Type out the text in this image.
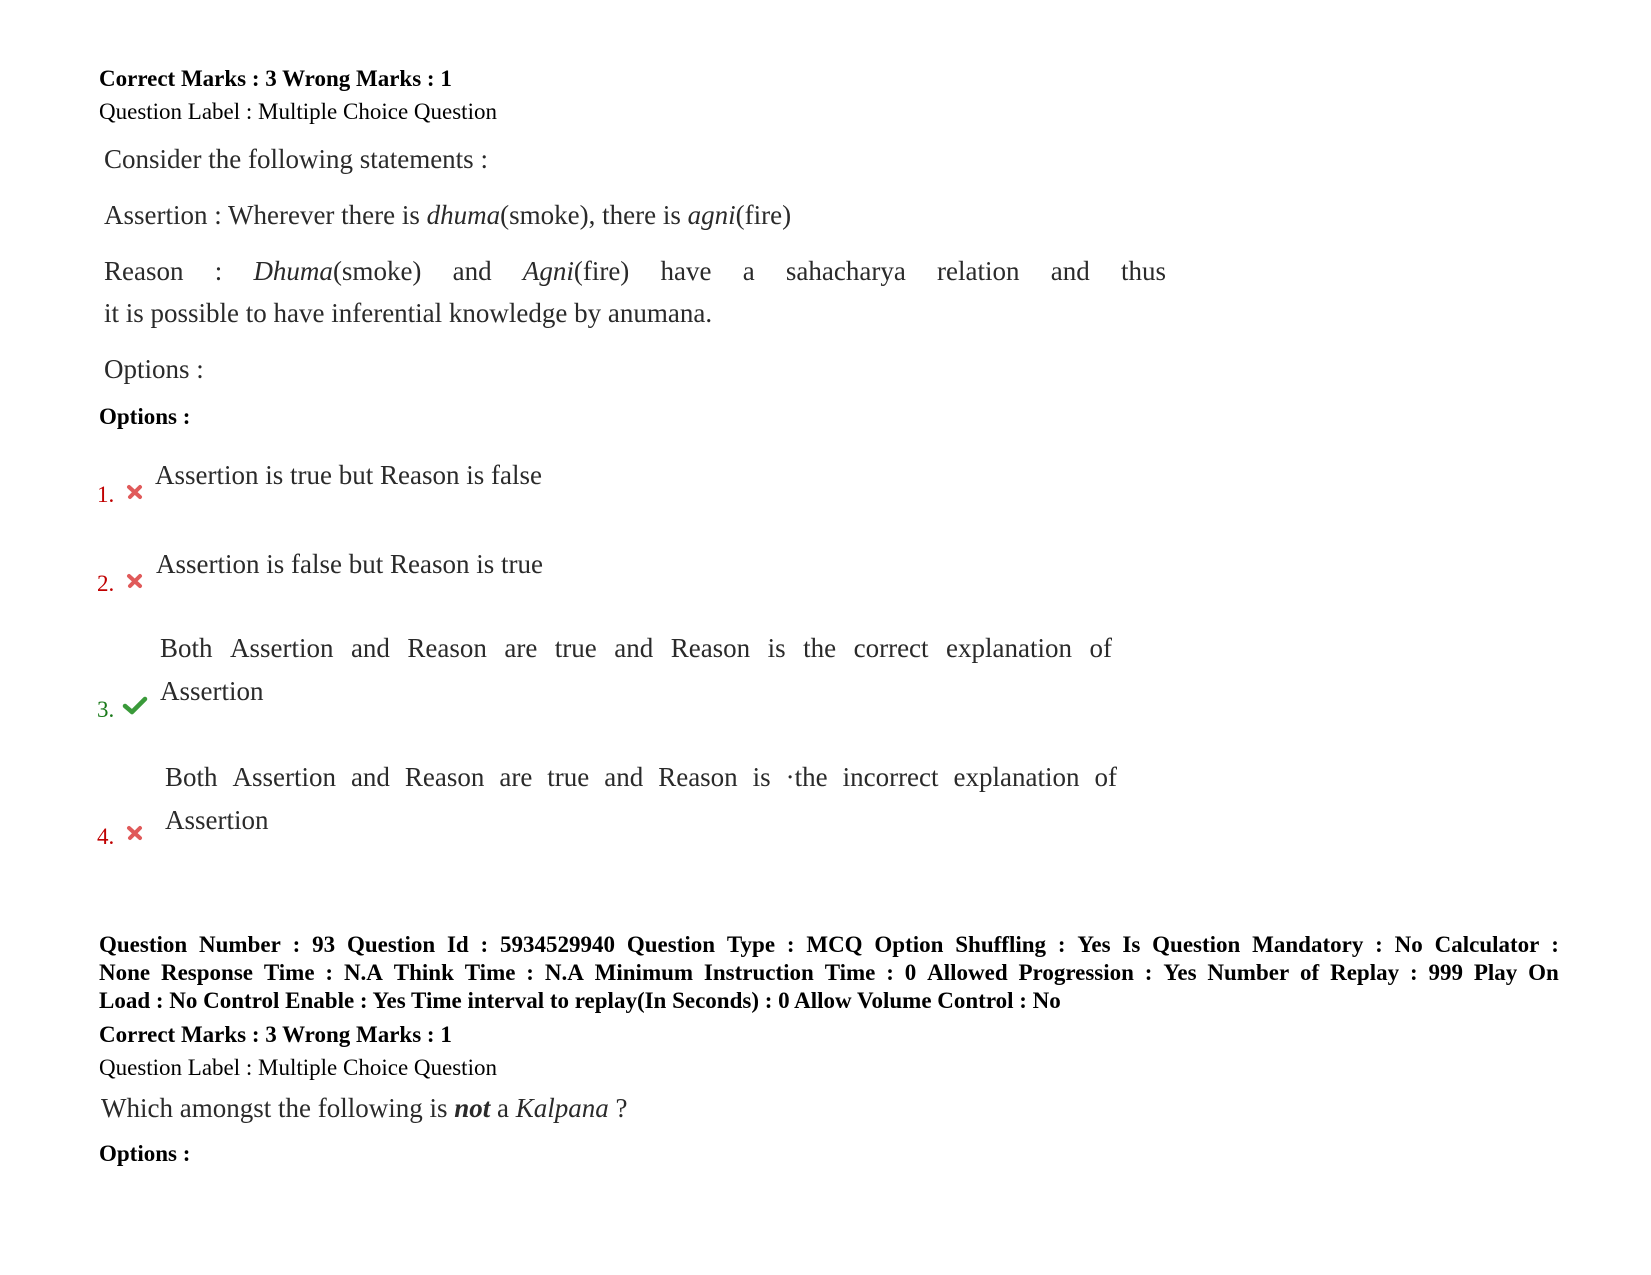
Correct Marks : 3 Wrong Marks : 1
Question Label : Multiple Choice Question
Consider the following statements :
Assertion : Wherever there is dhuma(smoke), there is agni(fire)
Reason : Dhuma(smoke) and Agni(fire) have a sahacharya relation and thus
it is possible to have inferential knowledge by anumana.
Options :
Options :
1.
Assertion is true but Reason is false
2.
Assertion is false but Reason is true
3.
Both Assertion and Reason are true and Reason is the correct explanation of
Assertion
4.
Both Assertion and Reason are true and Reason is ·the incorrect explanation of
Assertion
Question Number : 93 Question Id : 5934529940 Question Type : MCQ Option Shuffling : Yes Is Question Mandatory : No Calculator :
None Response Time : N.A Think Time : N.A Minimum Instruction Time : 0 Allowed Progression : Yes Number of Replay : 999 Play On
Load : No Control Enable : Yes Time interval to replay(In Seconds) : 0 Allow Volume Control : No
Correct Marks : 3 Wrong Marks : 1
Question Label : Multiple Choice Question
Which amongst the following is not a Kalpana ?
Options :
